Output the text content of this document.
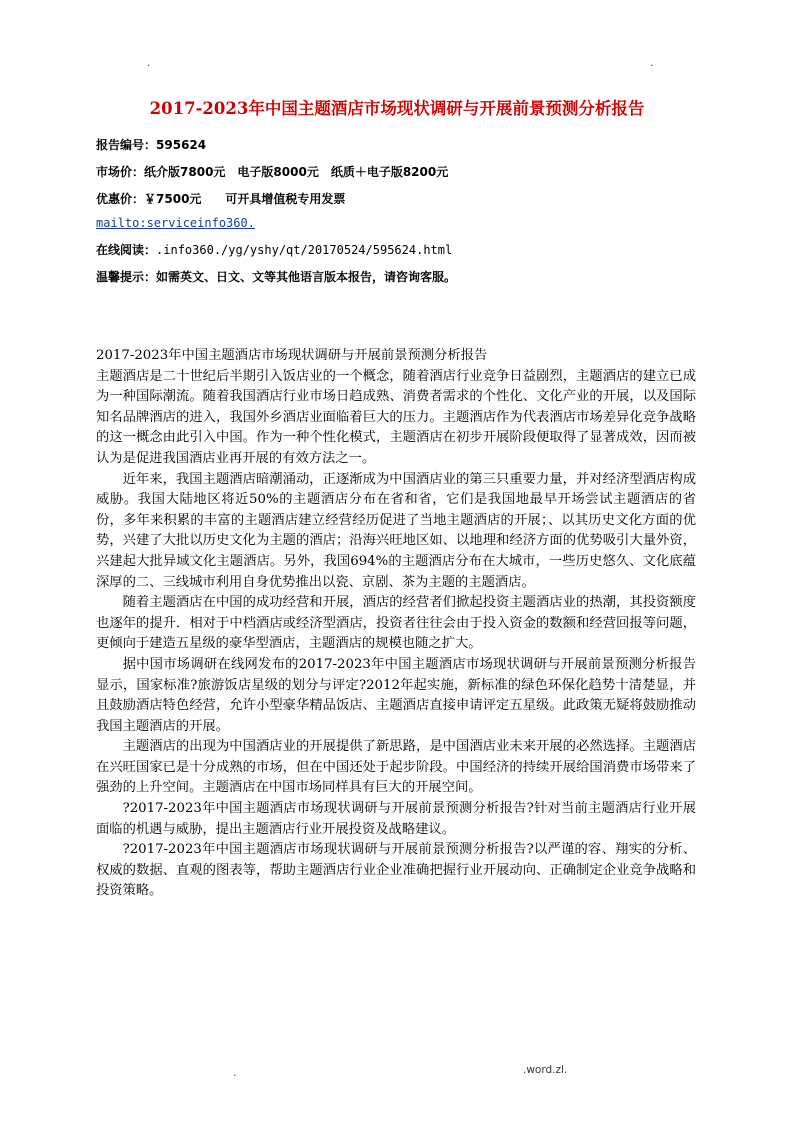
.	.
2017-2023年中国主题酒店市场现状调研与开展前景预测分析报告
报告编号：595624
市场价：纸介版7800元　电子版8000元　纸质＋电子版8200元
优惠价：￥7500元　　可开具增值税专用发票
mailto:serviceinfo360.
在线阅读：.info360./yg/yshy/qt/20170524/595624.html
温馨提示：如需英文、日文、文等其他语言版本报告，请咨询客服。

2017-2023年中国主题酒店市场现状调研与开展前景预测分析报告

主题酒店是二十世纪后半期引入饭店业的一个概念，随着酒店行业竞争日益剧烈，主题酒店的建立已成为一种国际潮流。随着我国酒店行业市场日趋成熟、消费者需求的个性化、文化产业的开展，以及国际知名品牌酒店的进入，我国外乡酒店业面临着巨大的压力。主题酒店作为代表酒店市场差异化竞争战略的这一概念由此引入中国。作为一种个性化模式，主题酒店在初步开展阶段便取得了显著成效，因而被认为是促进我国酒店业再开展的有效方法之一。

近年来，我国主题酒店暗潮涌动，正逐渐成为中国酒店业的第三只重要力量，并对经济型酒店构成威胁。我国大陆地区将近50%的主题酒店分布在省和省，它们是我国地最早开场尝试主题酒店的省份，多年来积累的丰富的主题酒店建立经营经历促进了当地主题酒店的开展；、以其历史文化方面的优势，兴建了大批以历史文化为主题的酒店；沿海兴旺地区如、以地理和经济方面的优势吸引大量外资，兴建起大批异域文化主题酒店。另外，我国694%的主题酒店分布在大城市，一些历史悠久、文化底蕴深厚的二、三线城市利用自身优势推出以瓷、京剧、茶为主题的主题酒店。

随着主题酒店在中国的成功经营和开展，酒店的经营者们掀起投资主题酒店业的热潮，其投资额度也逐年的提升．相对于中档酒店或经济型酒店，投资者往往会由于投入资金的数额和经营回报等问题，更倾向于建造五星级的豪华型酒店，主题酒店的规模也随之扩大。

据中国市场调研在线网发布的2017-2023年中国主题酒店市场现状调研与开展前景预测分析报告显示，国家标准?旅游饭店星级的划分与评定?2012年起实施，新标准的绿色环保化趋势十清楚显，并且鼓励酒店特色经营，允许小型豪华精品饭店、主题酒店直接申请评定五星级。此政策无疑将鼓励推动我国主题酒店的开展。

主题酒店的出现为中国酒店业的开展提供了新思路，是中国酒店业未来开展的必然选择。主题酒店在兴旺国家已是十分成熟的市场，但在中国还处于起步阶段。中国经济的持续开展给国消费市场带来了强劲的上升空间。主题酒店在中国市场同样具有巨大的开展空间。

?2017-2023年中国主题酒店市场现状调研与开展前景预测分析报告?针对当前主题酒店行业开展面临的机遇与威胁，提出主题酒店行业开展投资及战略建议。

?2017-2023年中国主题酒店市场现状调研与开展前景预测分析报告?以严谨的容、翔实的分析、权威的数据、直观的图表等，帮助主题酒店行业企业准确把握行业开展动向、正确制定企业竞争战略和投资策略。

.	.word.zl.
